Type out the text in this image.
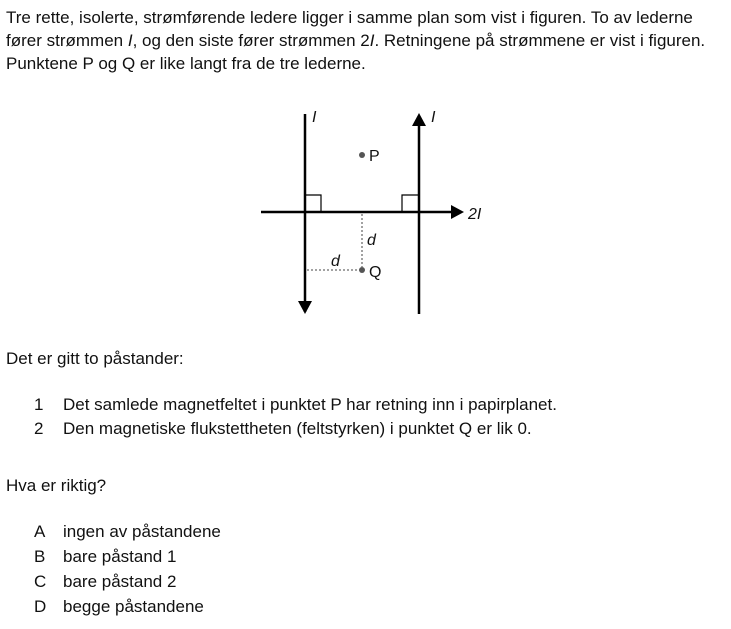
Tre rette, isolerte, strømførende ledere ligger i samme plan som vist i figuren. To av lederne fører strømmen I, og den siste fører strømmen 2I. Retningene på strømmene er vist i figuren. Punktene P og Q er like langt fra de tre lederne.

P
Q
d
d
I	I
2I

Det er gitt to påstander:

1	Det samlede magnetfeltet i punktet P har retning inn i papirplanet.
2	Den magnetiske flukstettheten (feltstyrken) i punktet Q er lik 0.

Hva er riktig?

A	ingen av påstandene
B	bare påstand 1
C bare påstand 2
D begge påstandene
